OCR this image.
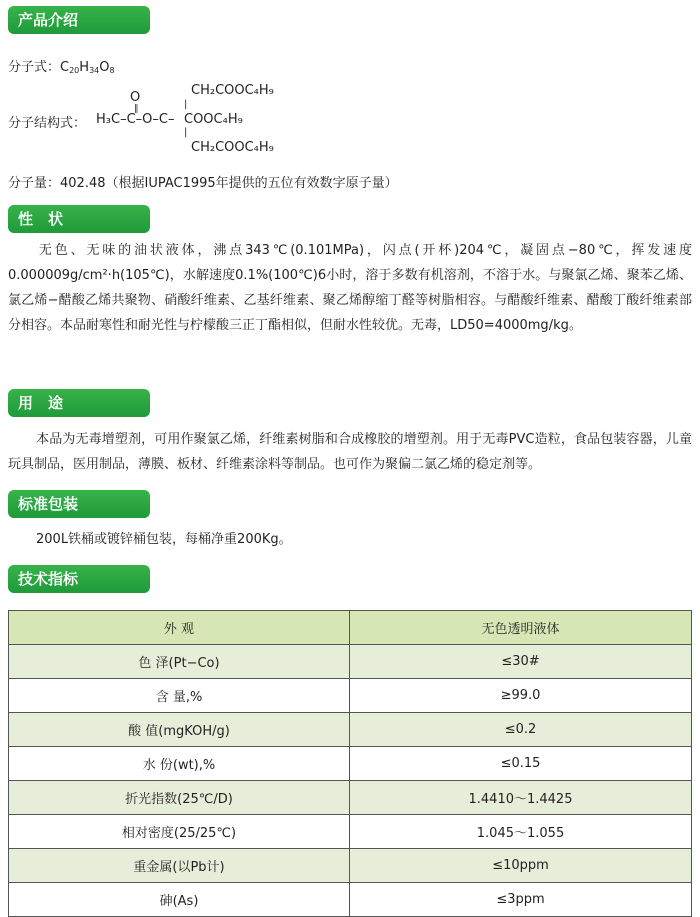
产品介绍
分子式：$C_{20}H_{34}O_8$
分子结构式：
O
‖
CH₂COOC₄H₉
|
H₃C–C–O–C– COOC₄H₉
|
CH₂COOC₄H₉
分子量：402.48（根据IUPAC1995年提供的五位有效数字原子量）
性　状
无色、无味的油状液体，沸点343℃(0.101MPa)，闪点(开杯)204℃，凝固点−80℃，挥发速度0.000009g/cm²·h(105℃)，水解速度0.1%(100℃)6小时，溶于多数有机溶剂，不溶于水。与聚氯乙烯、聚苯乙烯、氯乙烯−醋酸乙烯共聚物、硝酸纤维素、乙基纤维素、聚乙烯醇缩丁醛等树脂相容。与醋酸纤维素、醋酸丁酸纤维素部分相容。本品耐寒性和耐光性与柠檬酸三正丁酯相似，但耐水性较优。无毒，LD50=4000mg/kg。
用　途
本品为无毒增塑剂，可用作聚氯乙烯，纤维素树脂和合成橡胶的增塑剂。用于无毒PVC造粒，食品包装容器，儿童玩具制品，医用制品，薄膜、板材、纤维素涂料等制品。也可作为聚偏二氯乙烯的稳定剂等。
标准包装
200L铁桶或镀锌桶包装，每桶净重200Kg。
技术指标
外 观	无色透明液体
色 泽(Pt−Co)	≤30#
含 量,%	≥99.0
酸 值(mgKOH/g)	≤0.2
水 份(wt),%	≤0.15
折光指数(25℃/D)	1.4410～1.4425
相对密度(25/25℃)	1.045～1.055
重金属(以Pb计)	≤10ppm
砷(As)	≤3ppm
